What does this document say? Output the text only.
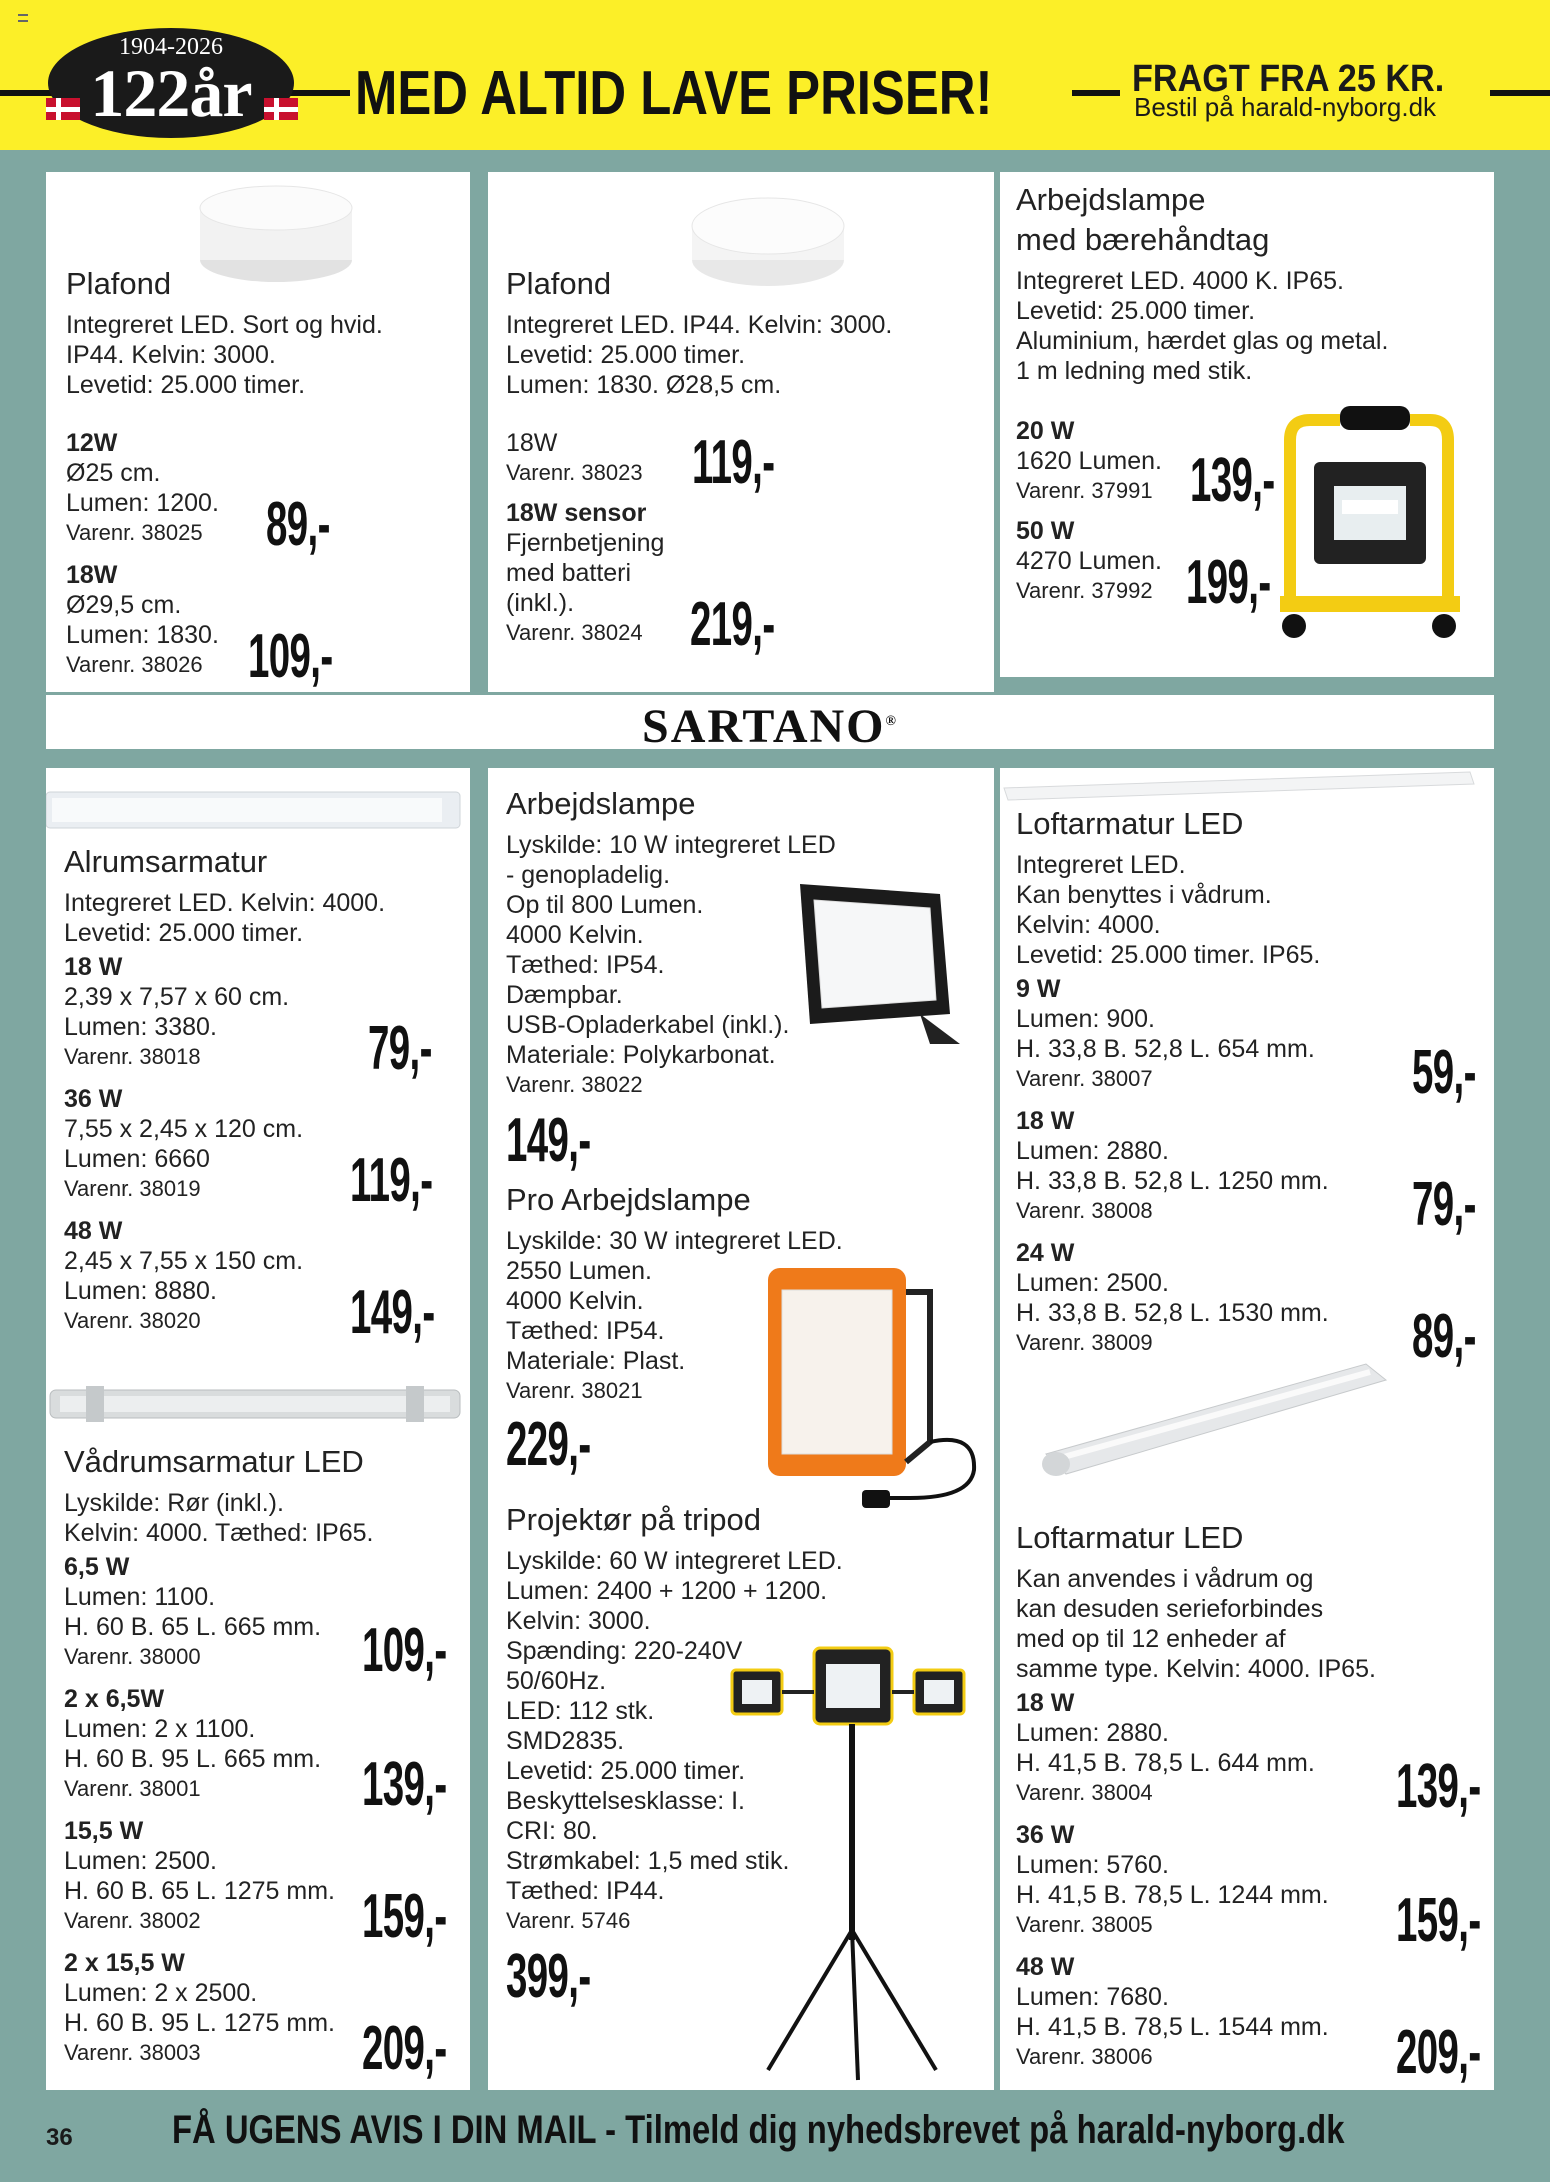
1904-2026
122år	MED ALTID LAVE PRISER!	FRAGT FRA 25 KR.
Bestil på harald-nyborg.dk
Plafond
Integreret LED. Sort og hvid.
IP44. Kelvin: 3000.
Levetid: 25.000 timer.
12W
Ø25 cm.
Lumen: 1200.
Varenr. 38025 89,-
18W
Ø29,5 cm.
Lumen: 1830.
Varenr. 38026 109,-
Plafond
Integreret LED. IP44. Kelvin: 3000.
Levetid: 25.000 timer.
Lumen: 1830. Ø28,5 cm.
18W
Varenr. 38023 119,-
18W sensor
Fjernbetjening
med batteri
(inkl.).
Varenr. 38024 219,-
Arbejdslampe
med bærehåndtag
Integreret LED. 4000 K. IP65.
Levetid: 25.000 timer.
Aluminium, hærdet glas og metal.
1 m ledning med stik.
20 W
1620 Lumen.
Varenr. 37991 139,-
50 W
4270 Lumen.
Varenr. 37992 199,-
SARTANO®
Alrumsarmatur
Integreret LED. Kelvin: 4000.
Levetid: 25.000 timer.
18 W
2,39 x 7,57 x 60 cm.
Lumen: 3380.
Varenr. 38018	79,-
36 W
7,55 x 2,45 x 120 cm.
Lumen: 6660
Varenr. 38019 119,-
48 W
2,45 x 7,55 x 150 cm.
Lumen: 8880.
Varenr. 38020 149,-
Vådrumsarmatur LED
Lyskilde: Rør (inkl.).
Kelvin: 4000. Tæthed: IP65.
6,5 W
Lumen: 1100.
H. 60 B. 65 L. 665 mm.
Varenr. 38000	109,-
2 x 6,5W
Lumen: 2 x 1100.
H. 60 B. 95 L. 665 mm.
Varenr. 38001	139,-
15,5 W
Lumen: 2500.
H. 60 B. 65 L. 1275 mm.
Varenr. 38002	159,-
2 x 15,5 W
Lumen: 2 x 2500.
H. 60 B. 95 L. 1275 mm.
Varenr. 38003	209,-
Arbejdslampe
Lyskilde: 10 W integreret LED
- genopladelig.
Op til 800 Lumen.
4000 Kelvin.
Tæthed: IP54.
Dæmpbar.
USB-Opladerkabel (inkl.).
Materiale: Polykarbonat.
Varenr. 38022
149,-
Pro Arbejdslampe
Lyskilde: 30 W integreret LED.
2550 Lumen.
4000 Kelvin.
Tæthed: IP54.
Materiale: Plast.
Varenr. 38021
229,-
Projektør på tripod
Lyskilde: 60 W integreret LED.
Lumen: 2400 + 1200 + 1200.
Kelvin: 3000.
Spænding: 220-240V
50/60Hz.
LED: 112 stk.
SMD2835.
Levetid: 25.000 timer.
Beskyttelsesklasse: I.
CRI: 80.
Strømkabel: 1,5 med stik.
Tæthed: IP44.
Varenr. 5746
399,-
Loftarmatur LED
Integreret LED.
Kan benyttes i vådrum.
Kelvin: 4000.
Levetid: 25.000 timer. IP65.
9 W
Lumen: 900.
H. 33,8 B. 52,8 L. 654 mm.
Varenr. 38007	59,-
18 W
Lumen: 2880.
H. 33,8 B. 52,8 L. 1250 mm.
Varenr. 38008	79,-
24 W
Lumen: 2500.
H. 33,8 B. 52,8 L. 1530 mm.
Varenr. 38009	89,-
Loftarmatur LED
Kan anvendes i vådrum og
kan desuden serieforbindes
med op til 12 enheder af
samme type. Kelvin: 4000. IP65.
18 W
Lumen: 2880.
H. 41,5 B. 78,5 L. 644 mm.
Varenr. 38004	139,-
36 W
Lumen: 5760.
H. 41,5 B. 78,5 L. 1244 mm.
Varenr. 38005	159,-
48 W
Lumen: 7680.
H. 41,5 B. 78,5 L. 1544 mm.
Varenr. 38006	209,-
36 FÅ UGENS AVIS I DIN MAIL - Tilmeld dig nyhedsbrevet på harald-nyborg.dk
